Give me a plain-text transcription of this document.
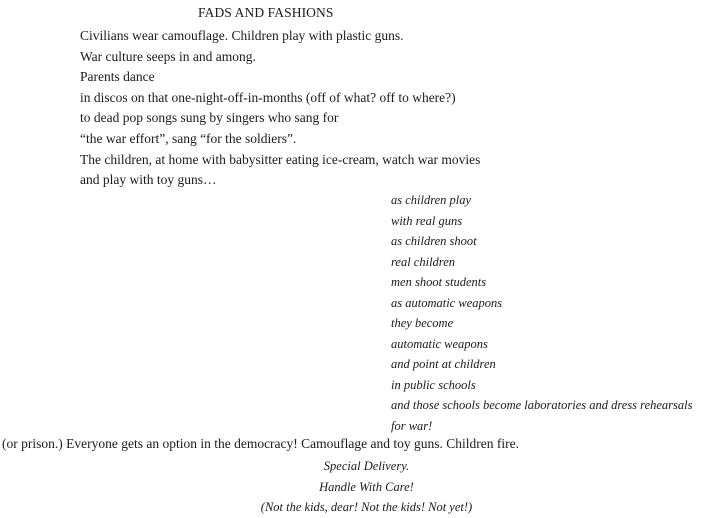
FADS AND FASHIONS
Civilians wear camouflage. Children play with plastic guns.
War culture seeps in and among.
Parents dance
in discos on that one-night-off-in-months (off of what? off to where?)
to dead pop songs sung by singers who sang for
“the war effort”, sang “for the soldiers”.
The children, at home with babysitter eating ice-cream, watch war movies
and play with toy guns…
as children play
with real guns
as children shoot
real children
men shoot students
as automatic weapons
they become
automatic weapons
and point at children
in public schools
and those schools become laboratories and dress rehearsals
for war!
(or prison.) Everyone gets an option in the democracy! Camouflage and toy guns. Children fire.
Special Delivery.
Handle With Care!
(Not the kids, dear! Not the kids! Not yet!)
